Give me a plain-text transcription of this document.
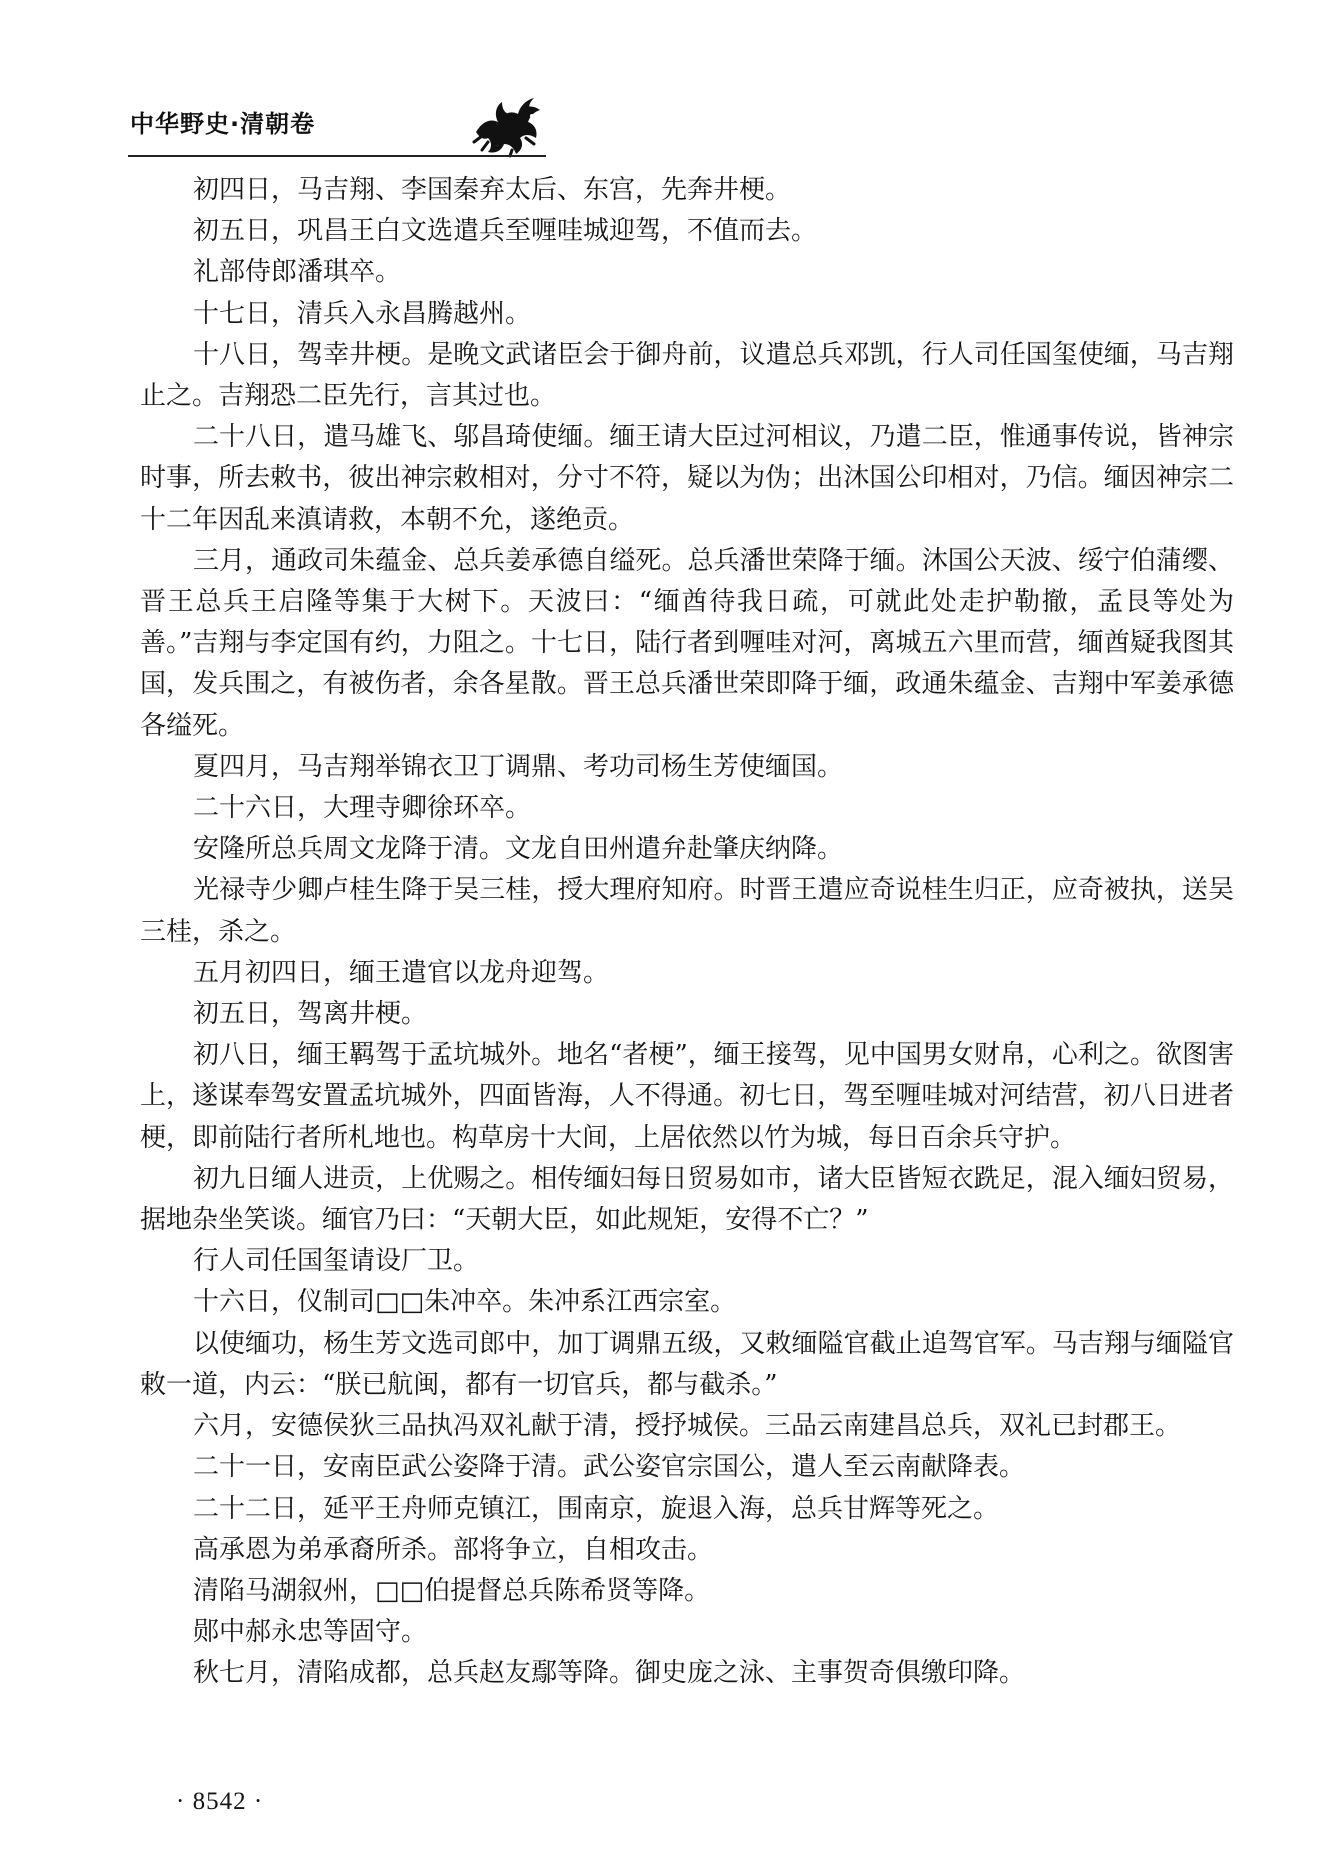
中华野史·清朝卷

初四日，马吉翔、李国秦弃太后、东宫，先奔井梗。

初五日，巩昌王白文选遣兵至喱哇城迎驾，不值而去。

礼部侍郎潘琪卒。

十七日，清兵入永昌腾越州。

十八日，驾幸井梗。是晚文武诸臣会于御舟前，议遣总兵邓凯，行人司任国玺使缅，马吉翔止之。吉翔恐二臣先行，言其过也。

二十八日，遣马雄飞、邬昌琦使缅。缅王请大臣过河相议，乃遣二臣，惟通事传说，皆神宗时事，所去敕书，彼出神宗敕相对，分寸不符，疑以为伪；出沐国公印相对，乃信。缅因神宗二十二年因乱来滇请救，本朝不允，遂绝贡。

三月，通政司朱蕴金、总兵姜承德自缢死。总兵潘世荣降于缅。沐国公天波、绥宁伯蒲缨、晋王总兵王启隆等集于大树下。天波曰：“缅酋待我日疏，可就此处走护勒撤，孟艮等处为善。”吉翔与李定国有约，力阻之。十七日，陆行者到喱哇对河，离城五六里而营，缅酋疑我图其国，发兵围之，有被伤者，余各星散。晋王总兵潘世荣即降于缅，政通朱蕴金、吉翔中军姜承德各缢死。

夏四月，马吉翔举锦衣卫丁调鼎、考功司杨生芳使缅国。

二十六日，大理寺卿徐环卒。

安隆所总兵周文龙降于清。文龙自田州遣弁赴肇庆纳降。

光禄寺少卿卢桂生降于吴三桂，授大理府知府。时晋王遣应奇说桂生归正，应奇被执，送吴三桂，杀之。

五月初四日，缅王遣官以龙舟迎驾。

初五日，驾离井梗。

初八日，缅王羁驾于孟坑城外。地名“者梗”，缅王接驾，见中国男女财帛，心利之。欲图害上，遂谋奉驾安置孟坑城外，四面皆海，人不得通。初七日，驾至喱哇城对河结营，初八日进者梗，即前陆行者所札地也。构草房十大间，上居依然以竹为城，每日百余兵守护。

初九日缅人进贡，上优赐之。相传缅妇每日贸易如市，诸大臣皆短衣跣足，混入缅妇贸易，据地杂坐笑谈。缅官乃曰：“天朝大臣，如此规矩，安得不亡？”

行人司任国玺请设厂卫。

十六日，仪制司□□朱冲卒。朱冲系江西宗室。

以使缅功，杨生芳文选司郎中，加丁调鼎五级，又敕缅隘官截止追驾官军。马吉翔与缅隘官敕一道，内云：“朕已航闽，都有一切官兵，都与截杀。”

六月，安德侯狄三品执冯双礼献于清，授抒城侯。三品云南建昌总兵，双礼已封郡王。

二十一日，安南臣武公姿降于清。武公姿官宗国公，遣人至云南献降表。

二十二日，延平王舟师克镇江，围南京，旋退入海，总兵甘辉等死之。

高承恩为弟承裔所杀。部将争立，自相攻击。

清陷马湖叙州，□□伯提督总兵陈希贤等降。

郧中郝永忠等固守。

秋七月，清陷成都，总兵赵友鄢等降。御史庞之泳、主事贺奇俱缴印降。

· 8542 ·
